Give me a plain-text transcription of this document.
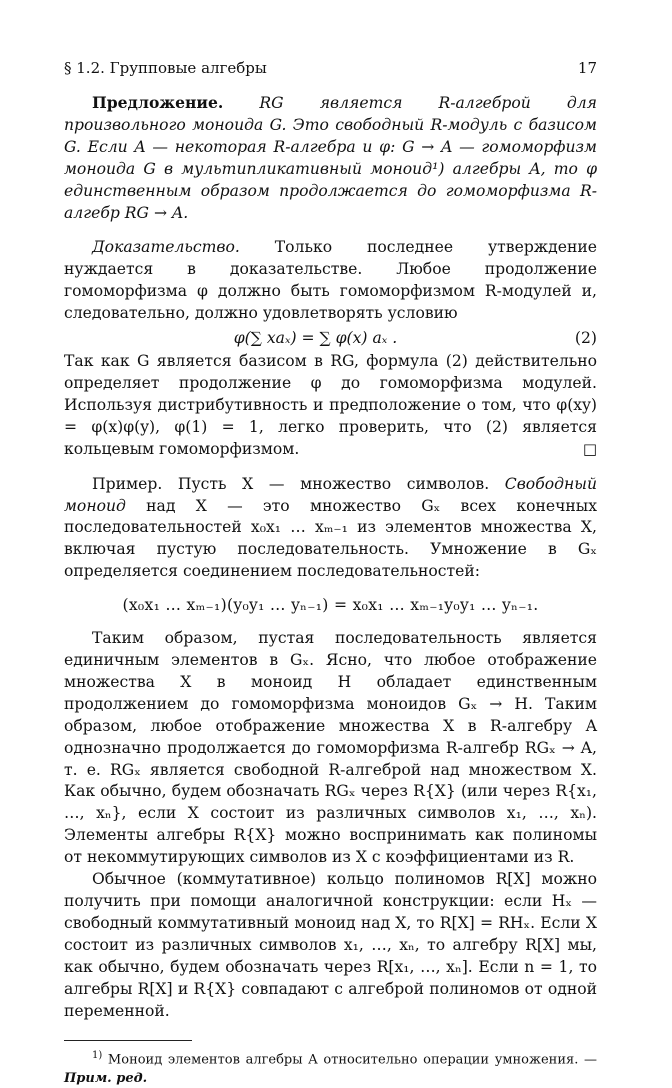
§ 1.2. Групповые алгебры	17

Предложение. RG является R-алгеброй для произвольного моноида G. Это свободный R-модуль с базисом G. Если A — некоторая R-алгебра и φ: G → A — гомоморфизм моноида G в мультипликативный моноид¹) алгебры A, то φ единственным образом продолжается до гомоморфизма R-алгебр RG → A.

Доказательство. Только последнее утверждение нуждается в доказательстве. Любое продолжение гомоморфизма φ должно быть гомоморфизмом R-модулей и, следовательно, должно удовлетворять условию

φ(∑ xaₓ) = ∑ φ(x) aₓ .	(2)

Так как G является базисом в RG, формула (2) действительно определяет продолжение φ до гомоморфизма модулей. Используя дистрибутивность и предположение о том, что φ(xy) = φ(x)φ(y), φ(1) = 1, легко проверить, что (2) является кольцевым гомоморфизмом.	□

Пример. Пусть X — множество символов. Свободный моноид над X — это множество Gₓ всех конечных последовательностей x₀x₁ … xₘ₋₁ из элементов множества X, включая пустую последовательность. Умножение в Gₓ определяется соединением последовательностей:

(x₀x₁ … xₘ₋₁)(y₀y₁ … yₙ₋₁) = x₀x₁ … xₘ₋₁y₀y₁ … yₙ₋₁.

Таким образом, пустая последовательность является единичным элементов в Gₓ. Ясно, что любое отображение множества X в моноид H обладает единственным продолжением до гомоморфизма моноидов Gₓ → H. Таким образом, любое отображение множества X в R-алгебру A однозначно продолжается до гомоморфизма R-алгебр RGₓ → A, т. е. RGₓ является свободной R-алгеброй над множеством X. Как обычно, будем обозначать RGₓ через R{X} (или через R{x₁, …, xₙ}, если X состоит из различных символов x₁, …, xₙ). Элементы алгебры R{X} можно воспринимать как полиномы от некоммутирующих символов из X с коэффициентами из R.

Обычное (коммутативное) кольцо полиномов R[X] можно получить при помощи аналогичной конструкции: если Hₓ — свободный коммутативный моноид над X, то R[X] = RHₓ. Если X состоит из различных символов x₁, …, xₙ, то алгебру R[X] мы, как обычно, будем обозначать через R[x₁, …, xₙ]. Если n = 1, то алгебры R[X] и R{X} совпадают с алгеброй полиномов от одной переменной.

$^{1)}$ Моноид элементов алгебры A относительно операции умножения. — Прим. ред.
